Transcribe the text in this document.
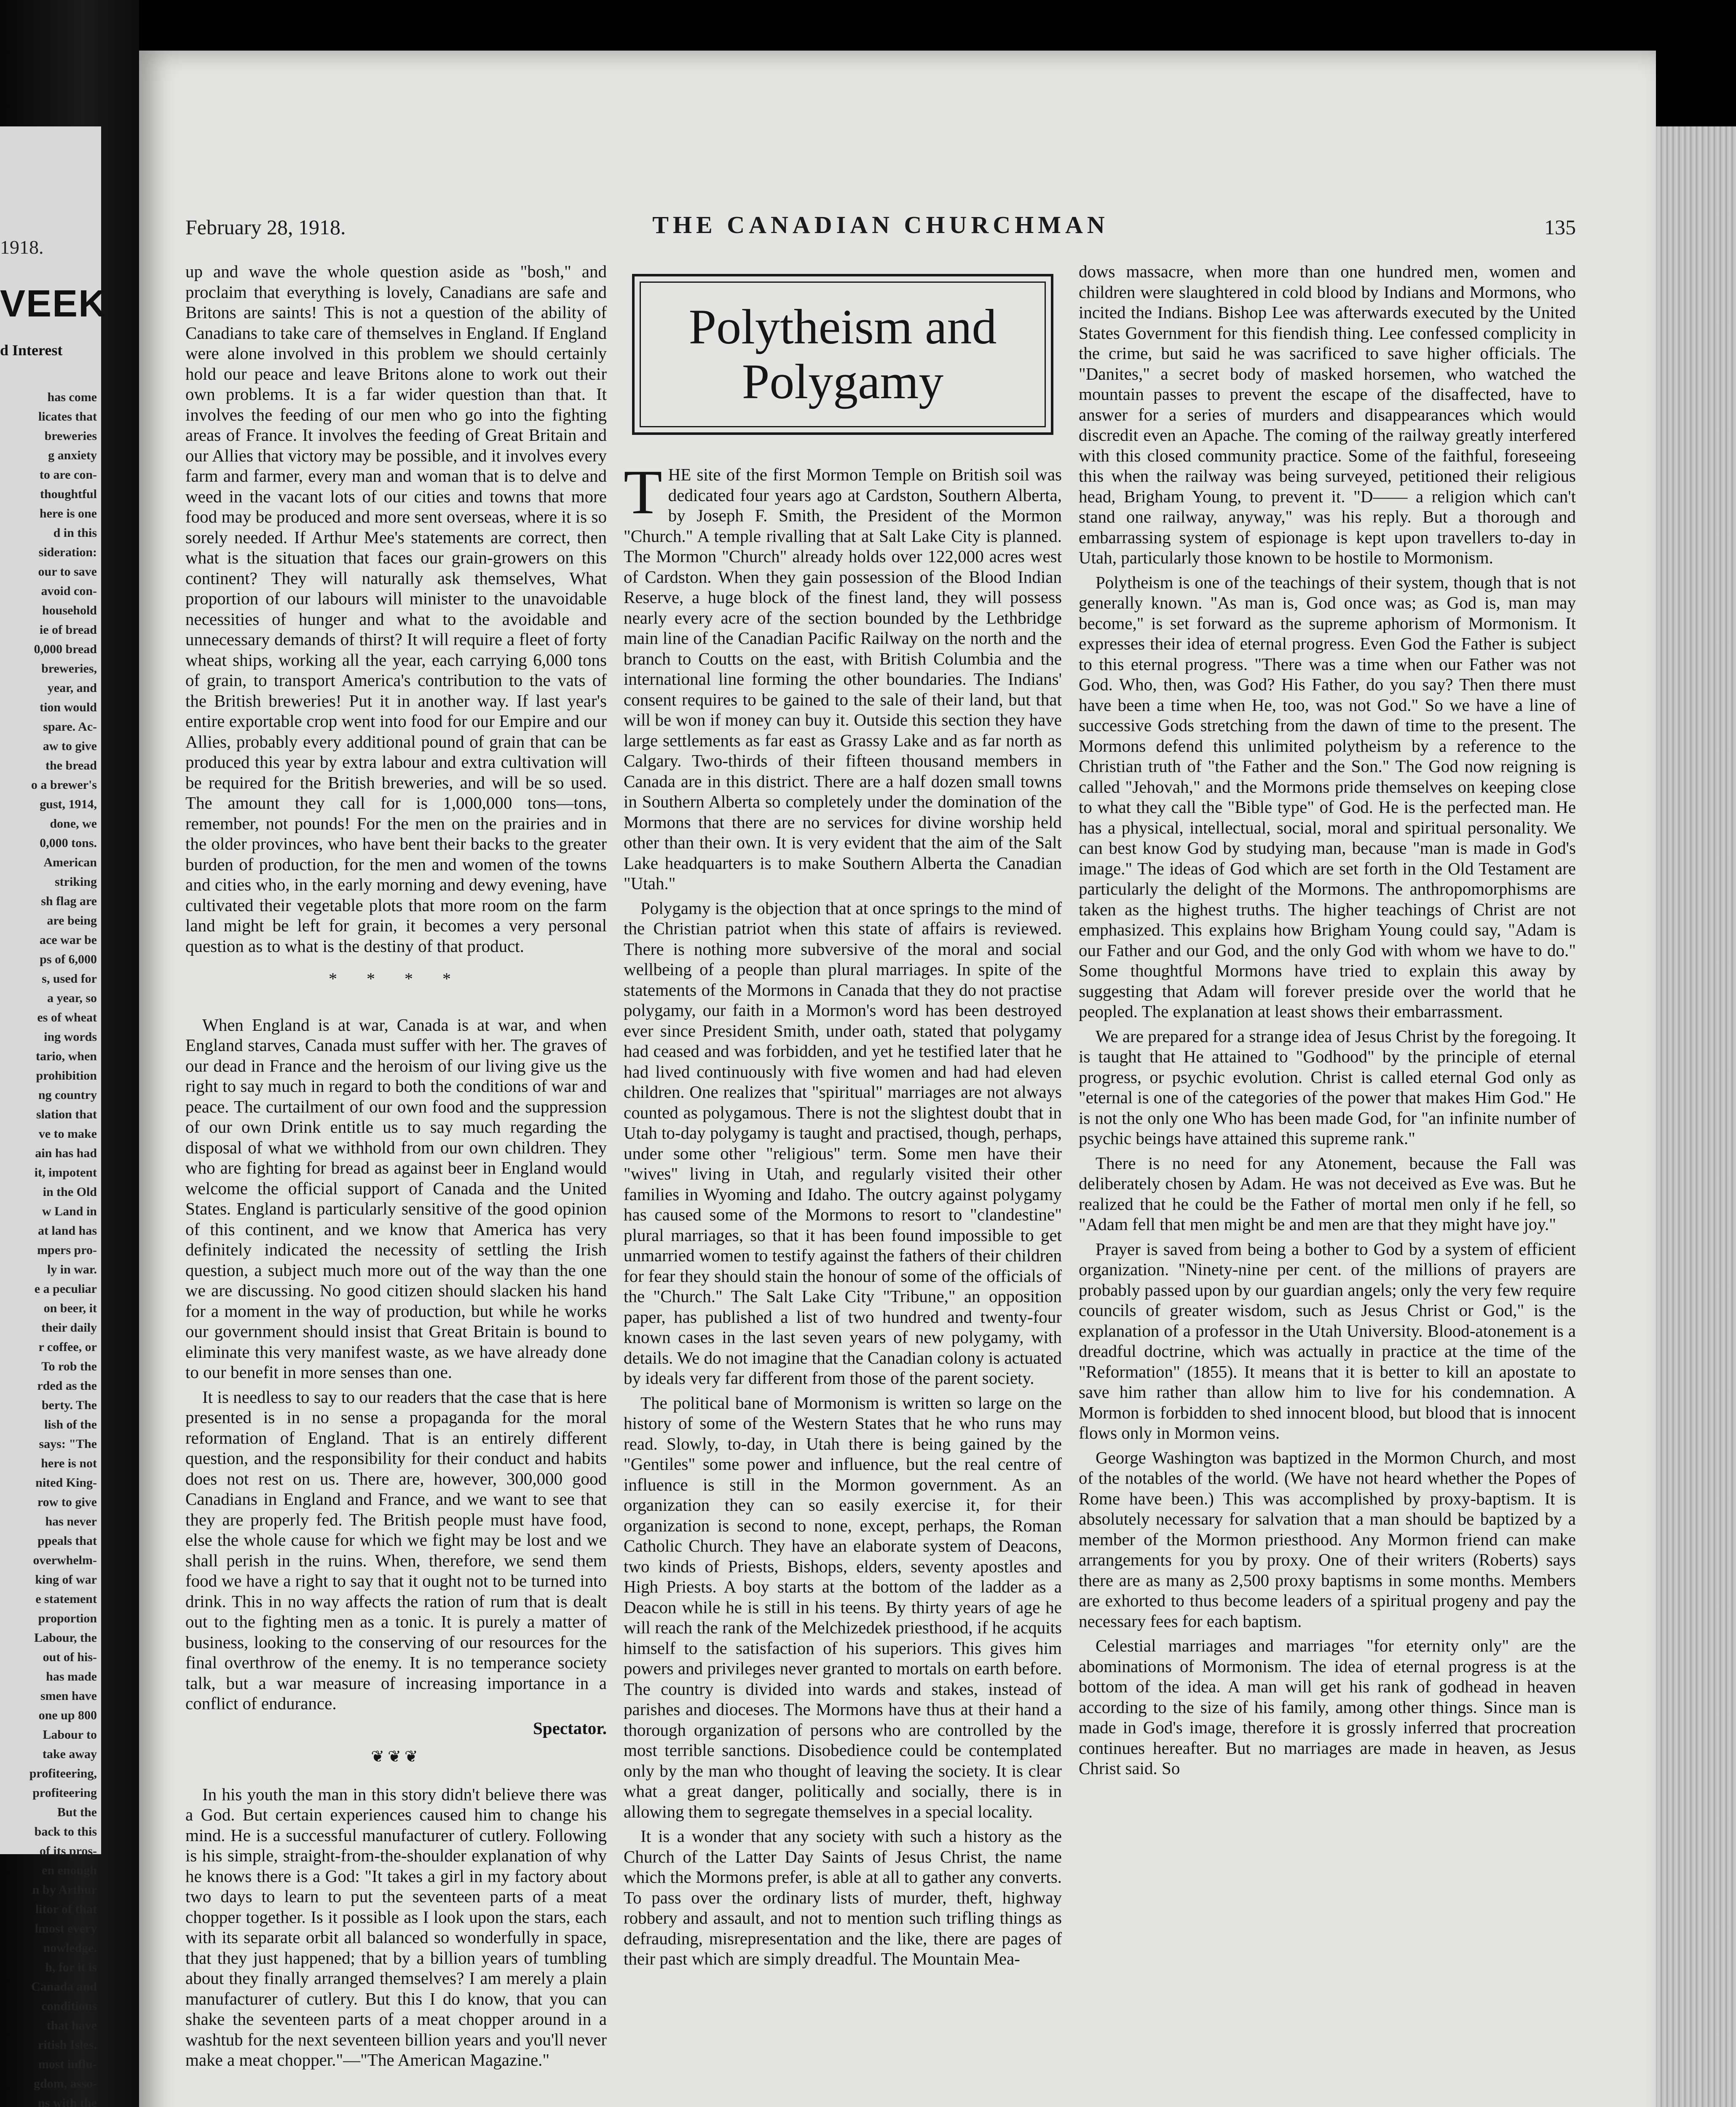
1918.
VEEK
d Interest
has come
licates that
breweries
g anxiety
to are con-
thoughtful
here is one
d in this
sideration:
our to save
avoid con-
household
ie of bread
0,000 bread
breweries,
year, and
tion would
spare. Ac-
aw to give
the bread
o a brewer's
gust, 1914,
done, we
0,000 tons.
American
striking
sh flag are
are being
ace war be
ps of 6,000
s, used for
a year, so
es of wheat
ing words
tario, when
prohibition
ng country
slation that
ve to make
ain has had
it, impotent
in the Old
w Land in
at land has
mpers pro-
ly in war.
e a peculiar
on beer, it
their daily
r coffee, or
To rob the
rded as the
berty. The
lish of the
says: "The
here is not
nited King-
row to give
has never
ppeals that
overwhelm-
king of war
e statement
proportion
Labour, the
out of his-
has made
smen have
one up 800
Labour to
take away
profiteering,
profiteering
But the
back to this
of its pros-
en enough
n by Arthur
litor of that
lmost every
nowledge.
h, for it is
Canada and
conditions
that have
ritish Isles.
most influ-
gdom, asso-
ns with the
February 28, 1918.	THE CANADIAN CHURCHMAN	135

up and wave the whole question aside as "bosh," and proclaim that everything is lovely, Canadians are safe and Britons are saints! This is not a question of the ability of Canadians to take care of themselves in England. If England were alone involved in this problem we should certainly hold our peace and leave Britons alone to work out their own problems. It is a far wider question than that. It involves the feeding of our men who go into the fighting areas of France. It involves the feeding of Great Britain and our Allies that victory may be possible, and it involves every farm and farmer, every man and woman that is to delve and weed in the vacant lots of our cities and towns that more food may be produced and more sent overseas, where it is so sorely needed. If Arthur Mee's statements are correct, then what is the situation that faces our grain-growers on this continent? They will naturally ask themselves, What proportion of our labours will minister to the unavoidable necessities of hunger and what to the avoidable and unnecessary demands of thirst? It will require a fleet of forty wheat ships, working all the year, each carrying 6,000 tons of grain, to transport America's contribution to the vats of the British breweries! Put it in another way. If last year's entire exportable crop went into food for our Empire and our Allies, probably every additional pound of grain that can be produced this year by extra labour and extra cultivation will be required for the British breweries, and will be so used. The amount they call for is 1,000,000 tons—tons, remember, not pounds! For the men on the prairies and in the older provinces, who have bent their backs to the greater burden of production, for the men and women of the towns and cities who, in the early morning and dewy evening, have cultivated their vegetable plots that more room on the farm land might be left for grain, it becomes a very personal question as to what is the destiny of that product.

* * * *

When England is at war, Canada is at war, and when England starves, Canada must suffer with her. The graves of our dead in France and the heroism of our living give us the right to say much in regard to both the conditions of war and peace. The curtailment of our own food and the suppression of our own Drink entitle us to say much regarding the disposal of what we withhold from our own children. They who are fighting for bread as against beer in England would welcome the official support of Canada and the United States. England is particularly sensitive of the good opinion of this continent, and we know that America has very definitely indicated the necessity of settling the Irish question, a subject much more out of the way than the one we are discussing. No good citizen should slacken his hand for a moment in the way of production, but while he works our government should insist that Great Britain is bound to eliminate this very manifest waste, as we have already done to our benefit in more senses than one.

It is needless to say to our readers that the case that is here presented is in no sense a propaganda for the moral reformation of England. That is an entirely different question, and the responsibility for their conduct and habits does not rest on us. There are, however, 300,000 good Canadians in England and France, and we want to see that they are properly fed. The British people must have food, else the whole cause for which we fight may be lost and we shall perish in the ruins. When, therefore, we send them food we have a right to say that it ought not to be turned into drink. This in no way affects the ration of rum that is dealt out to the fighting men as a tonic. It is purely a matter of business, looking to the conserving of our resources for the final overthrow of the enemy. It is no temperance society talk, but a war measure of increasing importance in a conflict of endurance.

Spectator.
❦❦❦

In his youth the man in this story didn't believe there was a God. But certain experiences caused him to change his mind. He is a successful manufacturer of cutlery. Following is his simple, straight-from-the-shoulder explanation of why he knows there is a God: "It takes a girl in my factory about two days to learn to put the seventeen parts of a meat chopper together. Is it possible as I look upon the stars, each with its separate orbit all balanced so wonderfully in space, that they just happened; that by a billion years of tumbling about they finally arranged themselves? I am merely a plain manufacturer of cutlery. But this I do know, that you can shake the seventeen parts of a meat chopper around in a washtub for the next seventeen billion years and you'll never make a meat chopper."—"The American Magazine."

Polytheism and Polygamy

THE site of the first Mormon Temple on British soil was dedicated four years ago at Cardston, Southern Alberta, by Joseph F. Smith, the President of the Mormon "Church." A temple rivalling that at Salt Lake City is planned. The Mormon "Church" already holds over 122,000 acres west of Cardston. When they gain possession of the Blood Indian Reserve, a huge block of the finest land, they will possess nearly every acre of the section bounded by the Lethbridge main line of the Canadian Pacific Railway on the north and the branch to Coutts on the east, with British Columbia and the international line forming the other boundaries. The Indians' consent requires to be gained to the sale of their land, but that will be won if money can buy it. Outside this section they have large settlements as far east as Grassy Lake and as far north as Calgary. Two-thirds of their fifteen thousand members in Canada are in this district. There are a half dozen small towns in Southern Alberta so completely under the domination of the Mormons that there are no services for divine worship held other than their own. It is very evident that the aim of the Salt Lake headquarters is to make Southern Alberta the Canadian "Utah."

Polygamy is the objection that at once springs to the mind of the Christian patriot when this state of affairs is reviewed. There is nothing more subversive of the moral and social wellbeing of a people than plural marriages. In spite of the statements of the Mormons in Canada that they do not practise polygamy, our faith in a Mormon's word has been destroyed ever since President Smith, under oath, stated that polygamy had ceased and was forbidden, and yet he testified later that he had lived continuously with five women and had had eleven children. One realizes that "spiritual" marriages are not always counted as polygamous. There is not the slightest doubt that in Utah to-day polygamy is taught and practised, though, perhaps, under some other "religious" term. Some men have their "wives" living in Utah, and regularly visited their other families in Wyoming and Idaho. The outcry against polygamy has caused some of the Mormons to resort to "clandestine" plural marriages, so that it has been found impossible to get unmarried women to testify against the fathers of their children for fear they should stain the honour of some of the officials of the "Church." The Salt Lake City "Tribune," an opposition paper, has published a list of two hundred and twenty-four known cases in the last seven years of new polygamy, with details. We do not imagine that the Canadian colony is actuated by ideals very far different from those of the parent society.

The political bane of Mormonism is written so large on the history of some of the Western States that he who runs may read. Slowly, to-day, in Utah there is being gained by the "Gentiles" some power and influence, but the real centre of influence is still in the Mormon government. As an organization they can so easily exercise it, for their organization is second to none, except, perhaps, the Roman Catholic Church. They have an elaborate system of Deacons, two kinds of Priests, Bishops, elders, seventy apostles and High Priests. A boy starts at the bottom of the ladder as a Deacon while he is still in his teens. By thirty years of age he will reach the rank of the Melchizedek priesthood, if he acquits himself to the satisfaction of his superiors. This gives him powers and privileges never granted to mortals on earth before. The country is divided into wards and stakes, instead of parishes and dioceses. The Mormons have thus at their hand a thorough organization of persons who are controlled by the most terrible sanctions. Disobedience could be contemplated only by the man who thought of leaving the society. It is clear what a great danger, politically and socially, there is in allowing them to segregate themselves in a special locality.

It is a wonder that any society with such a history as the Church of the Latter Day Saints of Jesus Christ, the name which the Mormons prefer, is able at all to gather any converts. To pass over the ordinary lists of murder, theft, highway robbery and assault, and not to mention such trifling things as defrauding, misrepresentation and the like, there are pages of their past which are simply dreadful. The Mountain Mea-

dows massacre, when more than one hundred men, women and children were slaughtered in cold blood by Indians and Mormons, who incited the Indians. Bishop Lee was afterwards executed by the United States Government for this fiendish thing. Lee confessed complicity in the crime, but said he was sacrificed to save higher officials. The "Danites," a secret body of masked horsemen, who watched the mountain passes to prevent the escape of the disaffected, have to answer for a series of murders and disappearances which would discredit even an Apache. The coming of the railway greatly interfered with this closed community practice. Some of the faithful, foreseeing this when the railway was being surveyed, petitioned their religious head, Brigham Young, to prevent it. "D—— a religion which can't stand one railway, anyway," was his reply. But a thorough and embarrassing system of espionage is kept upon travellers to-day in Utah, particularly those known to be hostile to Mormonism.

Polytheism is one of the teachings of their system, though that is not generally known. "As man is, God once was; as God is, man may become," is set forward as the supreme aphorism of Mormonism. It expresses their idea of eternal progress. Even God the Father is subject to this eternal progress. "There was a time when our Father was not God. Who, then, was God? His Father, do you say? Then there must have been a time when He, too, was not God." So we have a line of successive Gods stretching from the dawn of time to the present. The Mormons defend this unlimited polytheism by a reference to the Christian truth of "the Father and the Son." The God now reigning is called "Jehovah," and the Mormons pride themselves on keeping close to what they call the "Bible type" of God. He is the perfected man. He has a physical, intellectual, social, moral and spiritual personality. We can best know God by studying man, because "man is made in God's image." The ideas of God which are set forth in the Old Testament are particularly the delight of the Mormons. The anthropomorphisms are taken as the highest truths. The higher teachings of Christ are not emphasized. This explains how Brigham Young could say, "Adam is our Father and our God, and the only God with whom we have to do." Some thoughtful Mormons have tried to explain this away by suggesting that Adam will forever preside over the world that he peopled. The explanation at least shows their embarrassment.

We are prepared for a strange idea of Jesus Christ by the foregoing. It is taught that He attained to "Godhood" by the principle of eternal progress, or psychic evolution. Christ is called eternal God only as "eternal is one of the categories of the power that makes Him God." He is not the only one Who has been made God, for "an infinite number of psychic beings have attained this supreme rank."

There is no need for any Atonement, because the Fall was deliberately chosen by Adam. He was not deceived as Eve was. But he realized that he could be the Father of mortal men only if he fell, so "Adam fell that men might be and men are that they might have joy."

Prayer is saved from being a bother to God by a system of efficient organization. "Ninety-nine per cent. of the millions of prayers are probably passed upon by our guardian angels; only the very few require councils of greater wisdom, such as Jesus Christ or God," is the explanation of a professor in the Utah University. Blood-atonement is a dreadful doctrine, which was actually in practice at the time of the "Reformation" (1855). It means that it is better to kill an apostate to save him rather than allow him to live for his condemnation. A Mormon is forbidden to shed innocent blood, but blood that is innocent flows only in Mormon veins.

George Washington was baptized in the Mormon Church, and most of the notables of the world. (We have not heard whether the Popes of Rome have been.) This was accomplished by proxy-baptism. It is absolutely necessary for salvation that a man should be baptized by a member of the Mormon priesthood. Any Mormon friend can make arrangements for you by proxy. One of their writers (Roberts) says there are as many as 2,500 proxy baptisms in some months. Members are exhorted to thus become leaders of a spiritual progeny and pay the necessary fees for each baptism.

Celestial marriages and marriages "for eternity only" are the abominations of Mormonism. The idea of eternal progress is at the bottom of the idea. A man will get his rank of godhead in heaven according to the size of his family, among other things. Since man is made in God's image, therefore it is grossly inferred that procreation continues hereafter. But no marriages are made in heaven, as Jesus Christ said. So
